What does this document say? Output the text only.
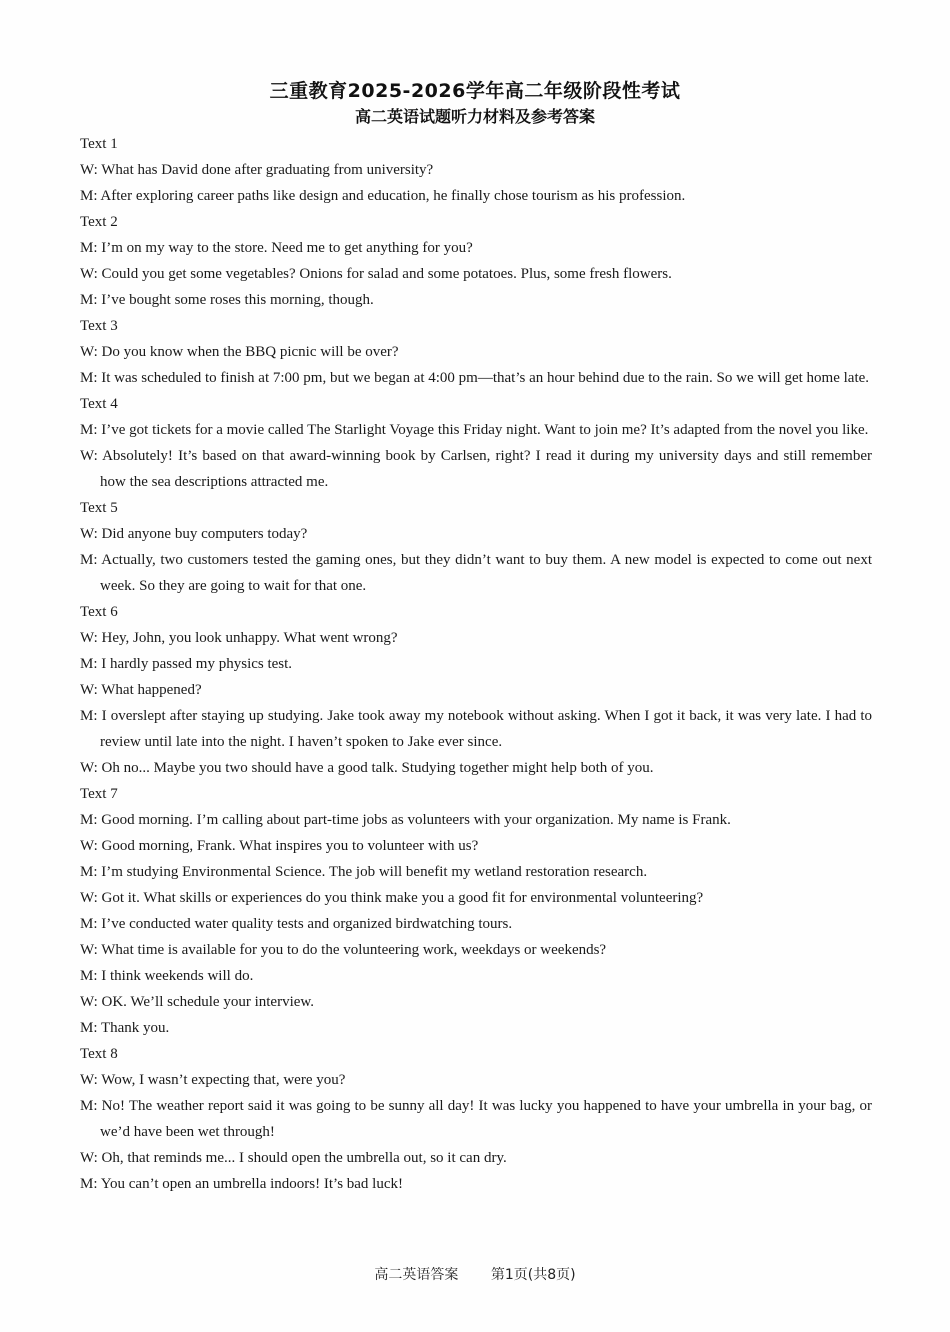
三重教育2025-2026学年高二年级阶段性考试
高二英语试题听力材料及参考答案
Text 1
W: What has David done after graduating from university?
M: After exploring career paths like design and education, he finally chose tourism as his profession.
Text 2
M: I’m on my way to the store. Need me to get anything for you?
W: Could you get some vegetables? Onions for salad and some potatoes. Plus, some fresh flowers.
M: I’ve bought some roses this morning, though.
Text 3
W: Do you know when the BBQ picnic will be over?
M: It was scheduled to finish at 7:00 pm, but we began at 4:00 pm—that’s an hour behind due to the rain. So we will get home late.
Text 4
M: I’ve got tickets for a movie called The Starlight Voyage this Friday night. Want to join me? It’s adapted from the novel you like.
W: Absolutely! It’s based on that award-winning book by Carlsen, right? I read it during my university days and still remember how the sea descriptions attracted me.
Text 5
W: Did anyone buy computers today?
M: Actually, two customers tested the gaming ones, but they didn’t want to buy them. A new model is expected to come out next week. So they are going to wait for that one.
Text 6
W: Hey, John, you look unhappy. What went wrong?
M: I hardly passed my physics test.
W: What happened?
M: I overslept after staying up studying. Jake took away my notebook without asking. When I got it back, it was very late. I had to review until late into the night. I haven’t spoken to Jake ever since.
W: Oh no... Maybe you two should have a good talk. Studying together might help both of you.
Text 7
M: Good morning. I’m calling about part-time jobs as volunteers with your organization. My name is Frank.
W: Good morning, Frank. What inspires you to volunteer with us?
M: I’m studying Environmental Science. The job will benefit my wetland restoration research.
W: Got it. What skills or experiences do you think make you a good fit for environmental volunteering?
M: I’ve conducted water quality tests and organized birdwatching tours.
W: What time is available for you to do the volunteering work, weekdays or weekends?
M: I think weekends will do.
W: OK. We’ll schedule your interview.
M: Thank you.
Text 8
W: Wow, I wasn’t expecting that, were you?
M: No! The weather report said it was going to be sunny all day! It was lucky you happened to have your umbrella in your bag, or we’d have been wet through!
W: Oh, that reminds me... I should open the umbrella out, so it can dry.
M: You can’t open an umbrella indoors! It’s bad luck!
高二英语答案 第1页(共8页)
